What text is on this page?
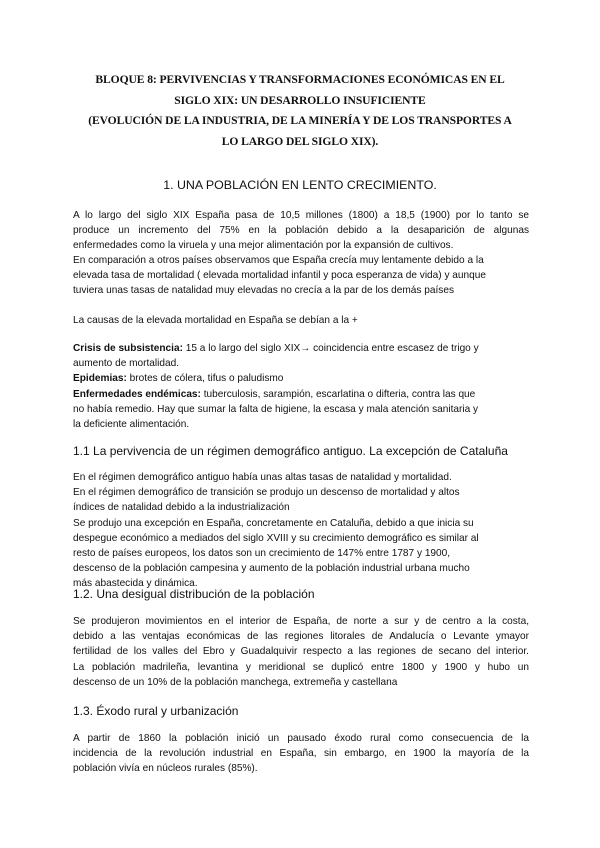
BLOQUE 8: PERVIVENCIAS Y TRANSFORMACIONES ECONÓMICAS EN EL
SIGLO XIX: UN DESARROLLO INSUFICIENTE
(EVOLUCIÓN DE LA INDUSTRIA, DE LA MINERÍA Y DE LOS TRANSPORTES A
LO LARGO DEL SIGLO XIX).
1. UNA POBLACIÓN EN LENTO CRECIMIENTO.
A lo largo del siglo XIX España pasa de 10,5 millones (1800) a 18,5 (1900) por lo tanto se
produce un incremento del 75% en la población debido a la desaparición de algunas
enfermedades como la viruela y una mejor alimentación por la expansión de cultivos.
En comparación a otros países observamos que España crecía muy lentamente debido a la
elevada tasa de mortalidad ( elevada mortalidad infantil y poca esperanza de vida) y aunque
tuviera unas tasas de natalidad muy elevadas no crecía a la par de los demás países
La causas de la elevada mortalidad en España se debían a la +
Crisis de subsistencia: 15 a lo largo del siglo XIX→ coincidencia entre escasez de trigo y
aumento de mortalidad.
Epidemias: brotes de cólera, tifus o paludismo
Enfermedades endémicas: tuberculosis, sarampión, escarlatina o difteria, contra las que
no había remedio. Hay que sumar la falta de higiene, la escasa y mala atención sanitaria y
la deficiente alimentación.
1.1 La pervivencia de un régimen demográfico antiguo. La excepción de Cataluña
En el régimen demográfico antiguo había unas altas tasas de natalidad y mortalidad.
En el régimen demográfico de transición se produjo un descenso de mortalidad y altos
índices de natalidad debido a la industrialización
Se produjo una excepción en España, concretamente en Cataluña, debido a que inicia su
despegue económico a mediados del siglo XVIII y su crecimiento demográfico es similar al
resto de países europeos, los datos son un crecimiento de 147% entre 1787 y 1900,
descenso de la población campesina y aumento de la población industrial urbana mucho
más abastecida y dinámica.
1.2. Una desigual distribución de la población
Se produjeron movimientos en el interior de España, de norte a sur y de centro a la costa,
debido a las ventajas económicas de las regiones litorales de Andalucía o Levante ymayor
fertilidad de los valles del Ebro y Guadalquivir respecto a las regiones de secano del interior.
La población madrileña, levantina y meridional se duplicó entre 1800 y 1900 y hubo un
descenso de un 10% de la población manchega, extremeña y castellana
1.3. Éxodo rural y urbanización
A partir de 1860 la población inició un pausado éxodo rural como consecuencia de la
incidencia de la revolución industrial en España, sin embargo, en 1900 la mayoría de la
población vivía en núcleos rurales (85%).
